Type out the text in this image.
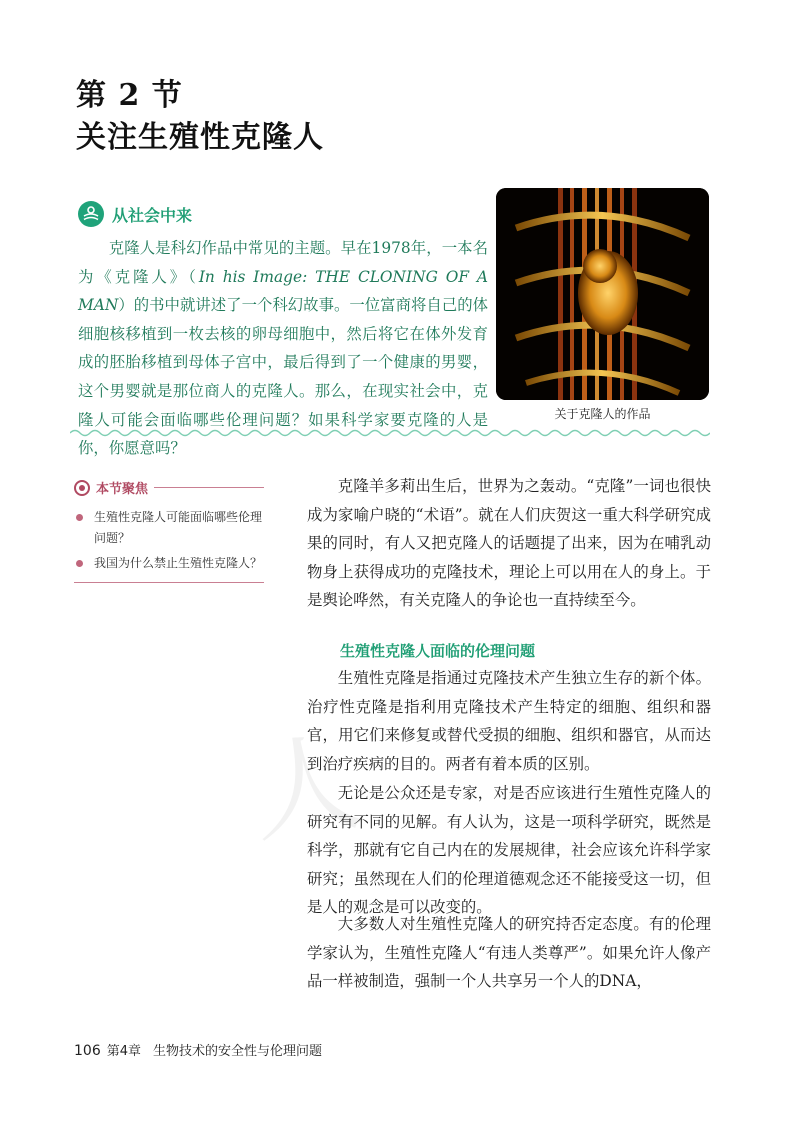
第 2 节
关注生殖性克隆人
从社会中来

克隆人是科幻作品中常见的主题。早在1978年，一本名为《克隆人》（In his Image: THE CLONING OF A MAN）的书中就讲述了一个科幻故事。一位富商将自己的体细胞核移植到一枚去核的卵母细胞中，然后将它在体外发育成的胚胎移植到母体子宫中，最后得到了一个健康的男婴，这个男婴就是那位商人的克隆人。那么，在现实社会中，克隆人可能会面临哪些伦理问题？如果科学家要克隆的人是你，你愿意吗？

关于克隆人的作品
本节聚焦
生殖性克隆人可能面临哪些伦理问题？
我国为什么禁止生殖性克隆人？
人

克隆羊多莉出生后，世界为之轰动。“克隆”一词也很快成为家喻户晓的“术语”。就在人们庆贺这一重大科学研究成果的同时，有人又把克隆人的话题提了出来，因为在哺乳动物身上获得成功的克隆技术，理论上可以用在人的身上。于是舆论哗然，有关克隆人的争论也一直持续至今。

生殖性克隆人面临的伦理问题

生殖性克隆是指通过克隆技术产生独立生存的新个体。治疗性克隆是指利用克隆技术产生特定的细胞、组织和器官，用它们来修复或替代受损的细胞、组织和器官，从而达到治疗疾病的目的。两者有着本质的区别。

无论是公众还是专家，对是否应该进行生殖性克隆人的研究有不同的见解。有人认为，这是一项科学研究，既然是科学，那就有它自己内在的发展规律，社会应该允许科学家研究；虽然现在人们的伦理道德观念还不能接受这一切，但是人的观念是可以改变的。

大多数人对生殖性克隆人的研究持否定态度。有的伦理学家认为，生殖性克隆人“有违人类尊严”。如果允许人像产品一样被制造，强制一个人共享另一个人的DNA，

106 第4章 生物技术的安全性与伦理问题
